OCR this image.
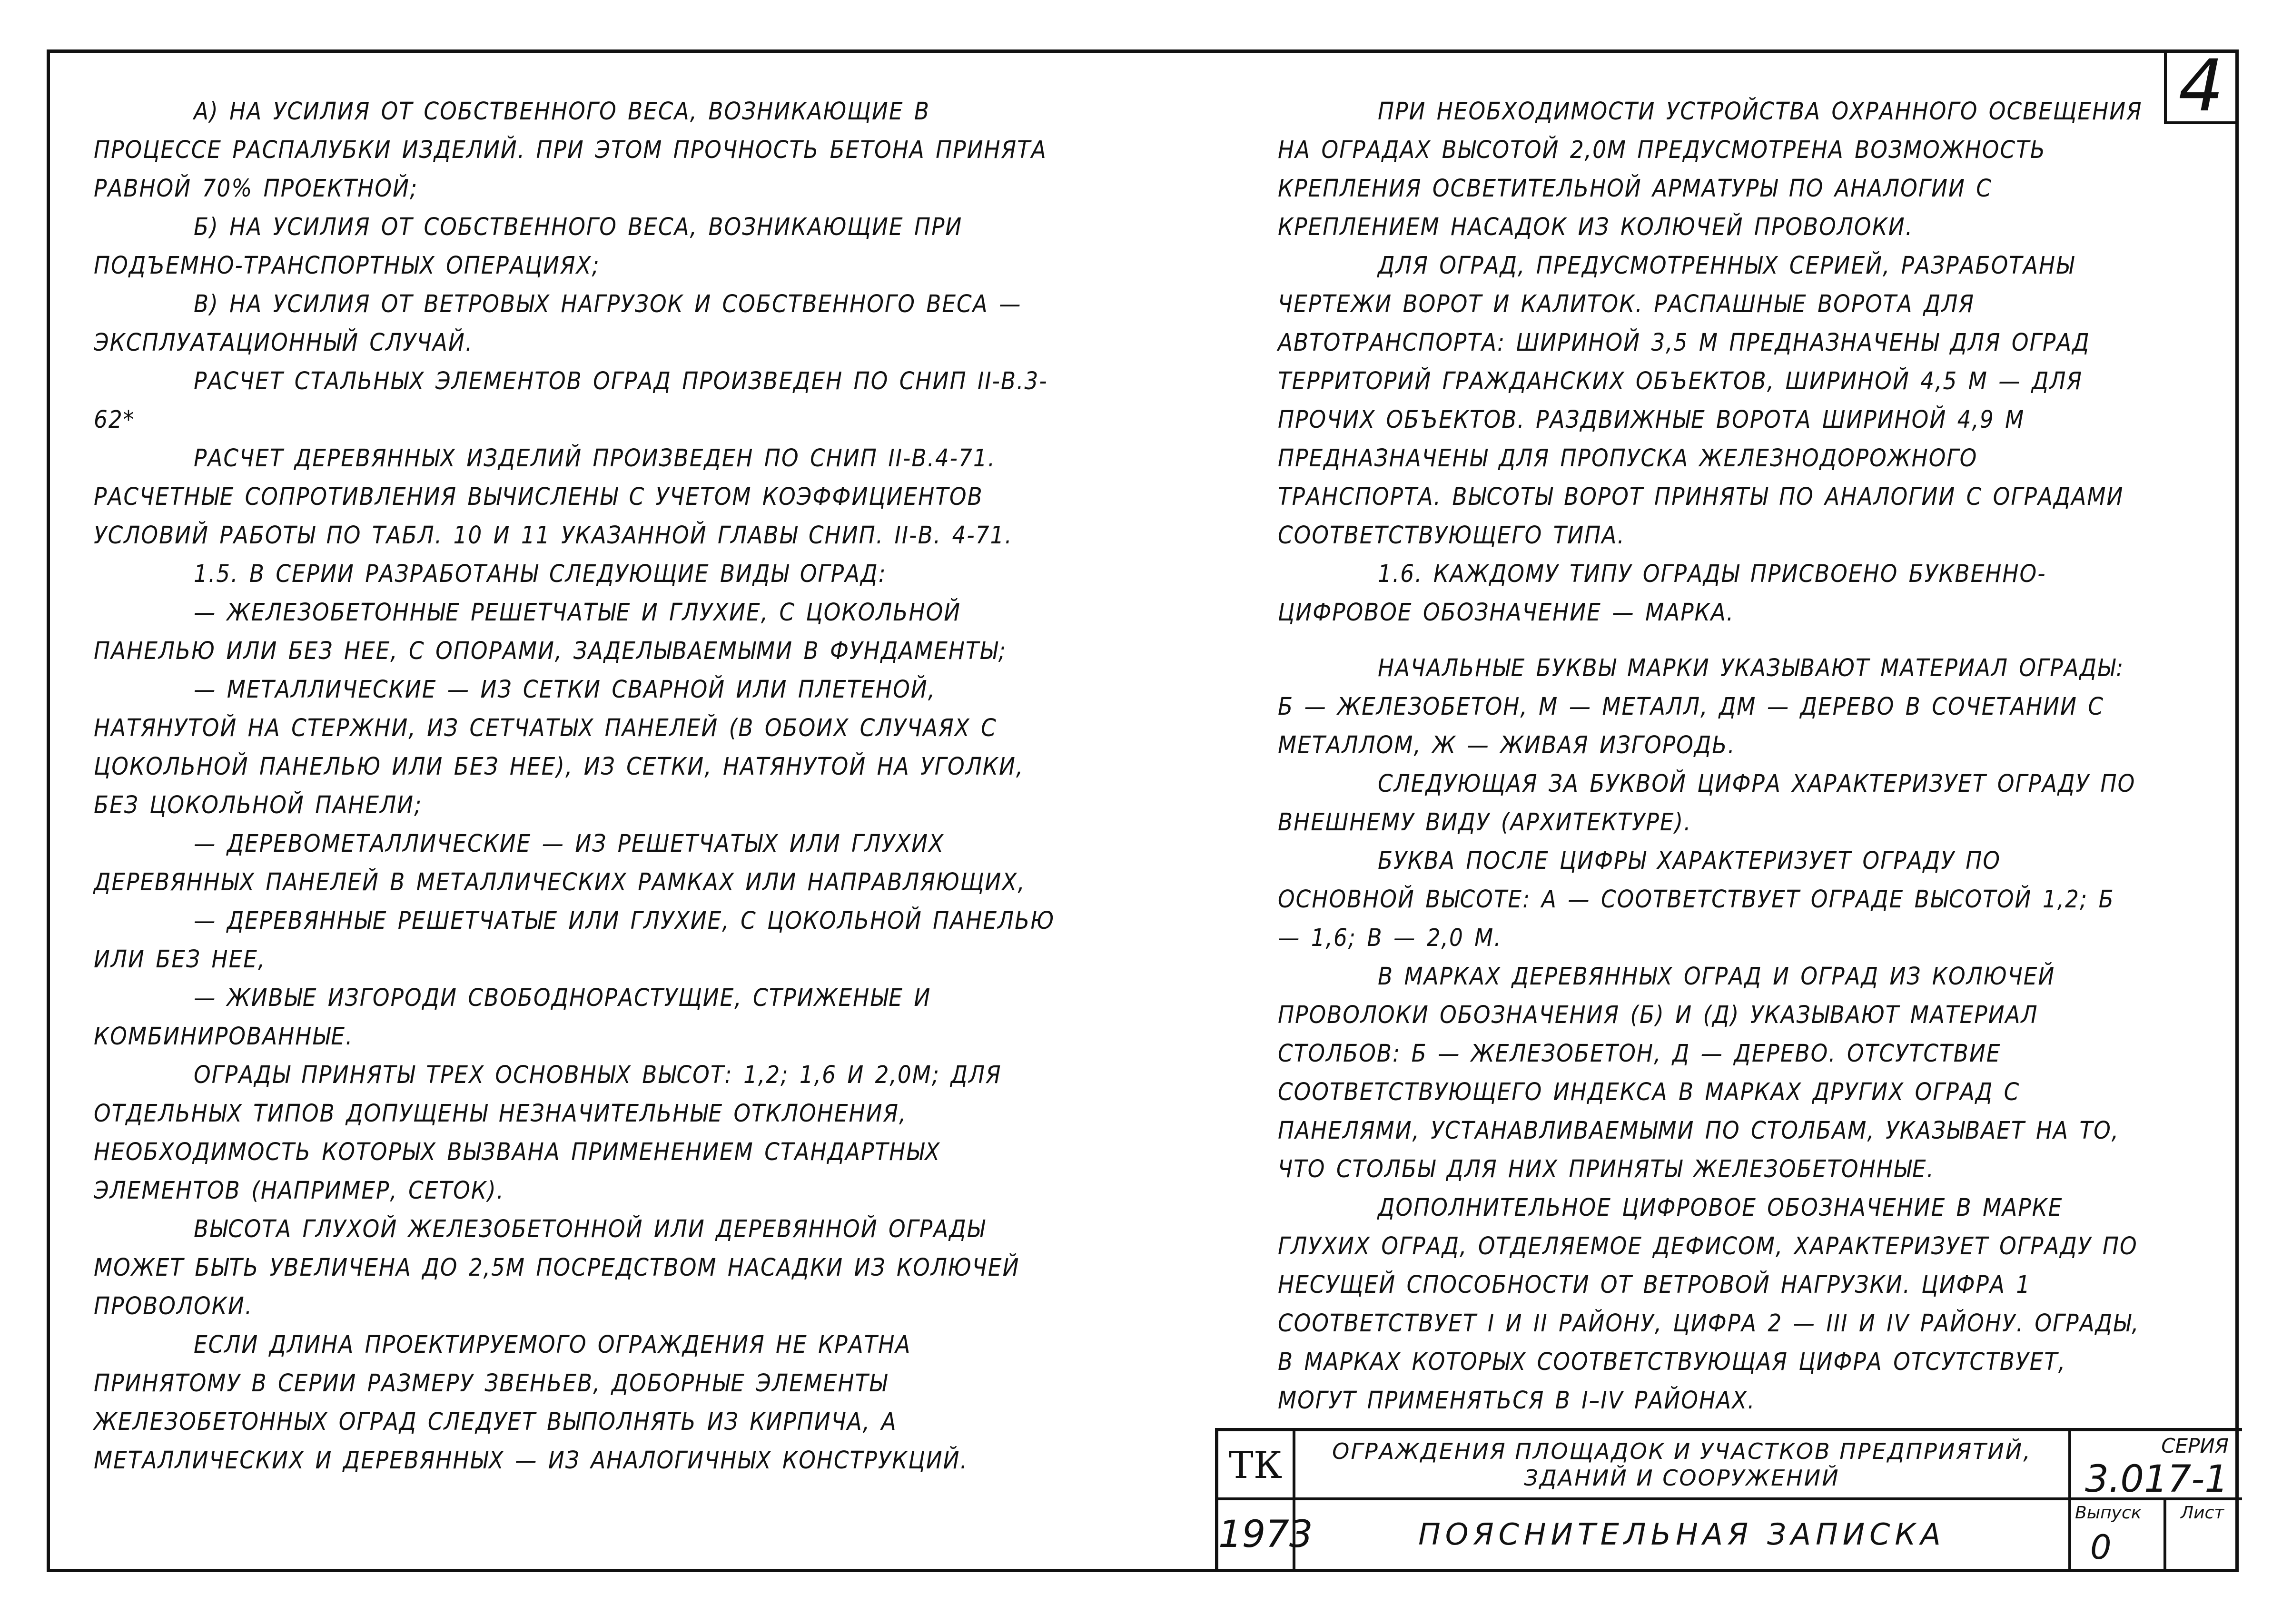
4

А) НА УСИЛИЯ ОТ СОБСТВЕННОГО ВЕСА, ВОЗНИКАЮЩИЕ В ПРОЦЕССЕ РАСПАЛУБКИ ИЗДЕЛИЙ. ПРИ ЭТОМ ПРОЧНОСТЬ БЕТОНА ПРИНЯТА РАВНОЙ 70% ПРОЕКТНОЙ;

Б) НА УСИЛИЯ ОТ СОБСТВЕННОГО ВЕСА, ВОЗНИКАЮЩИЕ ПРИ ПОДЪЕМНО-ТРАНСПОРТНЫХ ОПЕРАЦИЯХ;

В) НА УСИЛИЯ ОТ ВЕТРОВЫХ НАГРУЗОК И СОБСТВЕННОГО ВЕСА — ЭКСПЛУАТАЦИОННЫЙ СЛУЧАЙ.

РАСЧЕТ СТАЛЬНЫХ ЭЛЕМЕНТОВ ОГРАД ПРОИЗВЕДЕН ПО СНИП II-В.3-62*

РАСЧЕТ ДЕРЕВЯННЫХ ИЗДЕЛИЙ ПРОИЗВЕДЕН ПО СНИП II-В.4-71. РАСЧЕТНЫЕ СОПРОТИВЛЕНИЯ ВЫЧИСЛЕНЫ С УЧЕТОМ КОЭФФИЦИЕНТОВ УСЛОВИЙ РАБОТЫ ПО ТАБЛ. 10 И 11 УКАЗАННОЙ ГЛАВЫ СНИП. II-В. 4-71.

1.5. В СЕРИИ РАЗРАБОТАНЫ СЛЕДУЮЩИЕ ВИДЫ ОГРАД:

— ЖЕЛЕЗОБЕТОННЫЕ РЕШЕТЧАТЫЕ И ГЛУХИЕ, С ЦОКОЛЬНОЙ ПАНЕЛЬЮ ИЛИ БЕЗ НЕЕ, С ОПОРАМИ, ЗАДЕЛЫВАЕМЫМИ В ФУНДАМЕНТЫ;

— МЕТАЛЛИЧЕСКИЕ — ИЗ СЕТКИ СВАРНОЙ ИЛИ ПЛЕТЕНОЙ, НАТЯНУТОЙ НА СТЕРЖНИ, ИЗ СЕТЧАТЫХ ПАНЕЛЕЙ (В ОБОИХ СЛУЧАЯХ С ЦОКОЛЬНОЙ ПАНЕЛЬЮ ИЛИ БЕЗ НЕЕ), ИЗ СЕТКИ, НАТЯНУТОЙ НА УГОЛКИ, БЕЗ ЦОКОЛЬНОЙ ПАНЕЛИ;

— ДЕРЕВОМЕТАЛЛИЧЕСКИЕ — ИЗ РЕШЕТЧАТЫХ ИЛИ ГЛУХИХ ДЕРЕВЯННЫХ ПАНЕЛЕЙ В МЕТАЛЛИЧЕСКИХ РАМКАХ ИЛИ НАПРАВЛЯЮЩИХ,

— ДЕРЕВЯННЫЕ РЕШЕТЧАТЫЕ ИЛИ ГЛУХИЕ, С ЦОКОЛЬНОЙ ПАНЕЛЬЮ ИЛИ БЕЗ НЕЕ,

— ЖИВЫЕ ИЗГОРОДИ СВОБОДНОРАСТУЩИЕ, СТРИЖЕНЫЕ И КОМБИНИРОВАННЫЕ.

ОГРАДЫ ПРИНЯТЫ ТРЕХ ОСНОВНЫХ ВЫСОТ: 1,2; 1,6 И 2,0М; ДЛЯ ОТДЕЛЬНЫХ ТИПОВ ДОПУЩЕНЫ НЕЗНАЧИТЕЛЬНЫЕ ОТКЛОНЕНИЯ, НЕОБХОДИМОСТЬ КОТОРЫХ ВЫЗВАНА ПРИМЕНЕНИЕМ СТАНДАРТНЫХ ЭЛЕМЕНТОВ (НАПРИМЕР, СЕТОК).

ВЫСОТА ГЛУХОЙ ЖЕЛЕЗОБЕТОННОЙ ИЛИ ДЕРЕВЯННОЙ ОГРАДЫ МОЖЕТ БЫТЬ УВЕЛИЧЕНА ДО 2,5М ПОСРЕДСТВОМ НАСАДКИ ИЗ КОЛЮЧЕЙ ПРОВОЛОКИ.

ЕСЛИ ДЛИНА ПРОЕКТИРУЕМОГО ОГРАЖДЕНИЯ НЕ КРАТНА ПРИНЯТОМУ В СЕРИИ РАЗМЕРУ ЗВЕНЬЕВ, ДОБОРНЫЕ ЭЛЕМЕНТЫ ЖЕЛЕЗОБЕТОННЫХ ОГРАД СЛЕДУЕТ ВЫПОЛНЯТЬ ИЗ КИРПИЧА, А МЕТАЛЛИЧЕСКИХ И ДЕРЕВЯННЫХ — ИЗ АНАЛОГИЧНЫХ КОНСТРУКЦИЙ.

ПРИ НЕОБХОДИМОСТИ УСТРОЙСТВА ОХРАННОГО ОСВЕЩЕНИЯ НА ОГРАДАХ ВЫСОТОЙ 2,0М ПРЕДУСМОТРЕНА ВОЗМОЖНОСТЬ КРЕПЛЕНИЯ ОСВЕТИТЕЛЬНОЙ АРМАТУРЫ ПО АНАЛОГИИ С КРЕПЛЕНИЕМ НАСАДОК ИЗ КОЛЮЧЕЙ ПРОВОЛОКИ.

ДЛЯ ОГРАД, ПРЕДУСМОТРЕННЫХ СЕРИЕЙ, РАЗРАБОТАНЫ ЧЕРТЕЖИ ВОРОТ И КАЛИТОК. РАСПАШНЫЕ ВОРОТА ДЛЯ АВТОТРАНСПОРТА: ШИРИНОЙ 3,5 М ПРЕДНАЗНАЧЕНЫ ДЛЯ ОГРАД ТЕРРИТОРИЙ ГРАЖДАНСКИХ ОБЪЕКТОВ, ШИРИНОЙ 4,5 М — ДЛЯ ПРОЧИХ ОБЪЕКТОВ. РАЗДВИЖНЫЕ ВОРОТА ШИРИНОЙ 4,9 М ПРЕДНАЗНАЧЕНЫ ДЛЯ ПРОПУСКА ЖЕЛЕЗНОДОРОЖНОГО ТРАНСПОРТА. ВЫСОТЫ ВОРОТ ПРИНЯТЫ ПО АНАЛОГИИ С ОГРАДАМИ СООТВЕТСТВУЮЩЕГО ТИПА.

1.6. КАЖДОМУ ТИПУ ОГРАДЫ ПРИСВОЕНО БУКВЕННО-ЦИФРОВОЕ ОБОЗНАЧЕНИЕ — МАРКА.

НАЧАЛЬНЫЕ БУКВЫ МАРКИ УКАЗЫВАЮТ МАТЕРИАЛ ОГРАДЫ: Б — ЖЕЛЕЗОБЕТОН, М — МЕТАЛЛ, ДМ — ДЕРЕВО В СОЧЕТАНИИ С МЕТАЛЛОМ, Ж — ЖИВАЯ ИЗГОРОДЬ.

СЛЕДУЮЩАЯ ЗА БУКВОЙ ЦИФРА ХАРАКТЕРИЗУЕТ ОГРАДУ ПО ВНЕШНЕМУ ВИДУ (АРХИТЕКТУРЕ).

БУКВА ПОСЛЕ ЦИФРЫ ХАРАКТЕРИЗУЕТ ОГРАДУ ПО ОСНОВНОЙ ВЫСОТЕ: А — СООТВЕТСТВУЕТ ОГРАДЕ ВЫСОТОЙ 1,2; Б — 1,6; В — 2,0 М.

В МАРКАХ ДЕРЕВЯННЫХ ОГРАД И ОГРАД ИЗ КОЛЮЧЕЙ ПРОВОЛОКИ ОБОЗНАЧЕНИЯ (Б) И (Д) УКАЗЫВАЮТ МАТЕРИАЛ СТОЛБОВ: Б — ЖЕЛЕЗОБЕТОН, Д — ДЕРЕВО. ОТСУТСТВИЕ СООТВЕТСТВУЮЩЕГО ИНДЕКСА В МАРКАХ ДРУГИХ ОГРАД С ПАНЕЛЯМИ, УСТАНАВЛИВАЕМЫМИ ПО СТОЛБАМ, УКАЗЫВАЕТ НА ТО, ЧТО СТОЛБЫ ДЛЯ НИХ ПРИНЯТЫ ЖЕЛЕЗОБЕТОННЫЕ.

ДОПОЛНИТЕЛЬНОЕ ЦИФРОВОЕ ОБОЗНАЧЕНИЕ В МАРКЕ ГЛУХИХ ОГРАД, ОТДЕЛЯЕМОЕ ДЕФИСОМ, ХАРАКТЕРИЗУЕТ ОГРАДУ ПО НЕСУЩЕЙ СПОСОБНОСТИ ОТ ВЕТРОВОЙ НАГРУЗКИ. ЦИФРА 1 СООТВЕТСТВУЕТ I И II РАЙОНУ, ЦИФРА 2 — III И IV РАЙОНУ. ОГРАДЫ, В МАРКАХ КОТОРЫХ СООТВЕТСТВУЮЩАЯ ЦИФРА ОТСУТСТВУЕТ, МОГУТ ПРИМЕНЯТЬСЯ В I–IV РАЙОНАХ.

ТК
1973
ОГРАЖДЕНИЯ ПЛОЩАДОК И УЧАСТКОВ ПРЕДПРИЯТИЙ, ЗДАНИЙ И СООРУЖЕНИЙ
ПОЯСНИТЕЛЬНАЯ ЗАПИСКА
СЕРИЯ
3.017-1
Выпуск
0
Лист
